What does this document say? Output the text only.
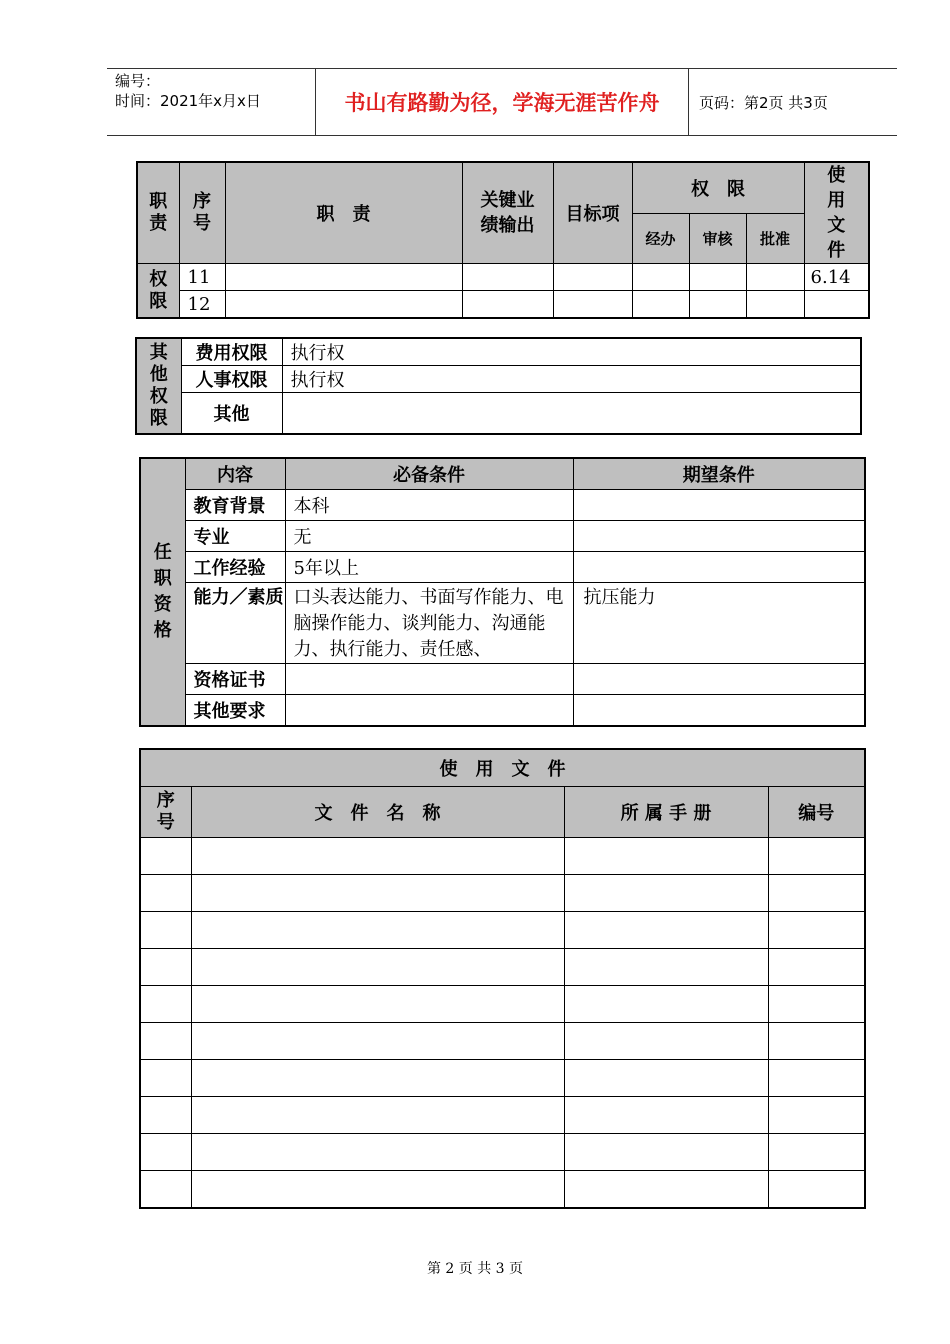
编号：
时间：2021年x月x日	书山有路勤为径，学海无涯苦作舟	页码：第2页 共3页
职责	序号	职　责	关键业绩输出	目标项	权　限			使用文件
					经办	审核	批准	

权限	11							6.14
	12							
其他权限	费用权限	执行权
	人事权限	执行权
	其他	
任职资格	内容	必备条件	期望条件
	教育背景	本科	
	专业	无	
	工作经验	5年以上	
	能力／素质	口头表达能力、书面写作能力、电脑操作能力、谈判能力、沟通能力、执行能力、责任感、	抗压能力
	资格证书		
	其他要求		
使　用　文　件			

序号	文　件　名　称	所 属 手 册	编号

第 2 页 共 3 页
